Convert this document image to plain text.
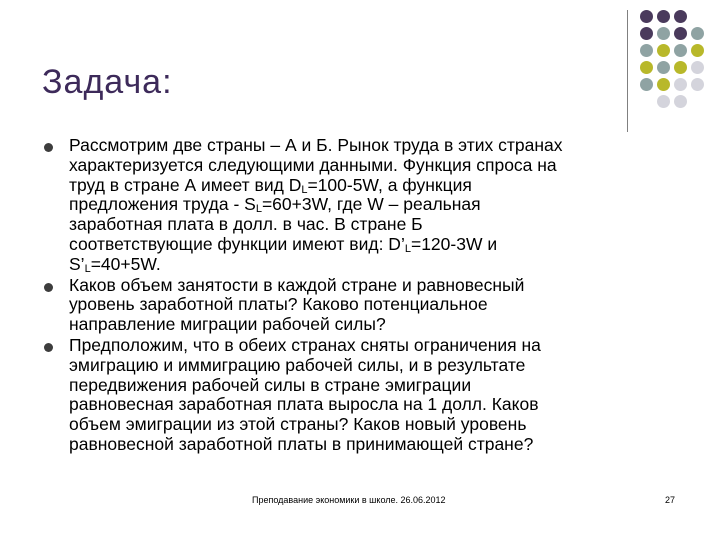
Задача:
Рассмотрим две страны – А и Б. Рынок труда в этих странах
характеризуется следующими данными. Функция спроса на
труд в стране А имеет вид $D_L=100-5W$, а функция
предложения труда - $S_L=60+3W$, где W – реальная
заработная плата в долл. в час. В стране Б
соответствующие функции имеют вид: $D’_L=120-3W$ и
$S’_L=40+5W$.
Каков объем занятости в каждой стране и равновесный
уровень заработной платы? Каково потенциальное
направление миграции рабочей силы?
Предположим, что в обеих странах сняты ограничения на
эмиграцию и иммиграцию рабочей силы, и в результате
передвижения рабочей силы в стране эмиграции
равновесная заработная плата выросла на 1 долл. Каков
объем эмиграции из этой страны? Каков новый уровень
равновесной заработной платы в принимающей стране?
Преподавание экономики в школе. 26.06.2012	27
